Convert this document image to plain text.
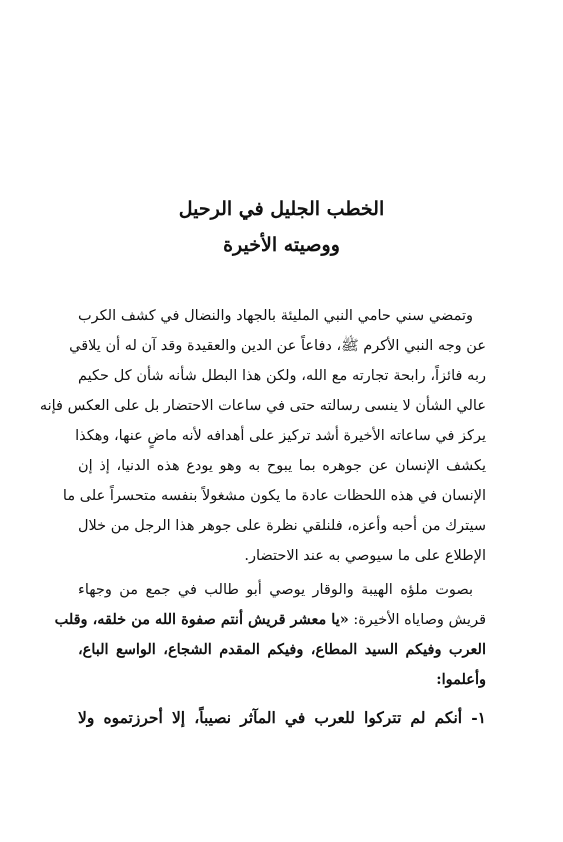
الخطب الجليل في الرحيل
ووصيته الأخيرة

وتمضي سني حامي النبي المليئة بالجهاد والنضال في كشف الكرب

عن وجه النبي الأكرم ﷺ، دفاعاً عن الدين والعقيدة وقد آن له أن يلاقي

ربه فائزاً، رابحة تجارته مع الله، ولكن هذا البطل شأنه شأن كل حكيم

عالي الشأن لا ينسى رسالته حتى في ساعات الاحتضار بل على العكس فإنه

يركز في ساعاته الأخيرة أشد تركيز على أهدافه لأنه ماضٍ عنها، وهكذا

يكشف الإنسان عن جوهره بما يبوح به وهو يودع هذه الدنيا، إذ إن

الإنسان في هذه اللحظات عادة ما يكون مشغولاً بنفسه متحسراً على ما

سيترك من أحبه وأعزه، فلنلقي نظرة على جوهر هذا الرجل من خلال

الإطلاع على ما سيوصي به عند الاحتضار.

بصوت ملؤه الهيبة والوقار يوصي أبو طالب في جمع من وجهاء

قريش وصاياه الأخيرة: «يا معشر قريش أنتم صفوة الله من خلقه، وقلب

العرب وفيكم السيد المطاع، وفيكم المقدم الشجاع، الواسع الباع،

وأعلموا:

١- أنكم لم تتركوا للعرب في المآثر نصيباً، إلا أحرزتموه ولا
